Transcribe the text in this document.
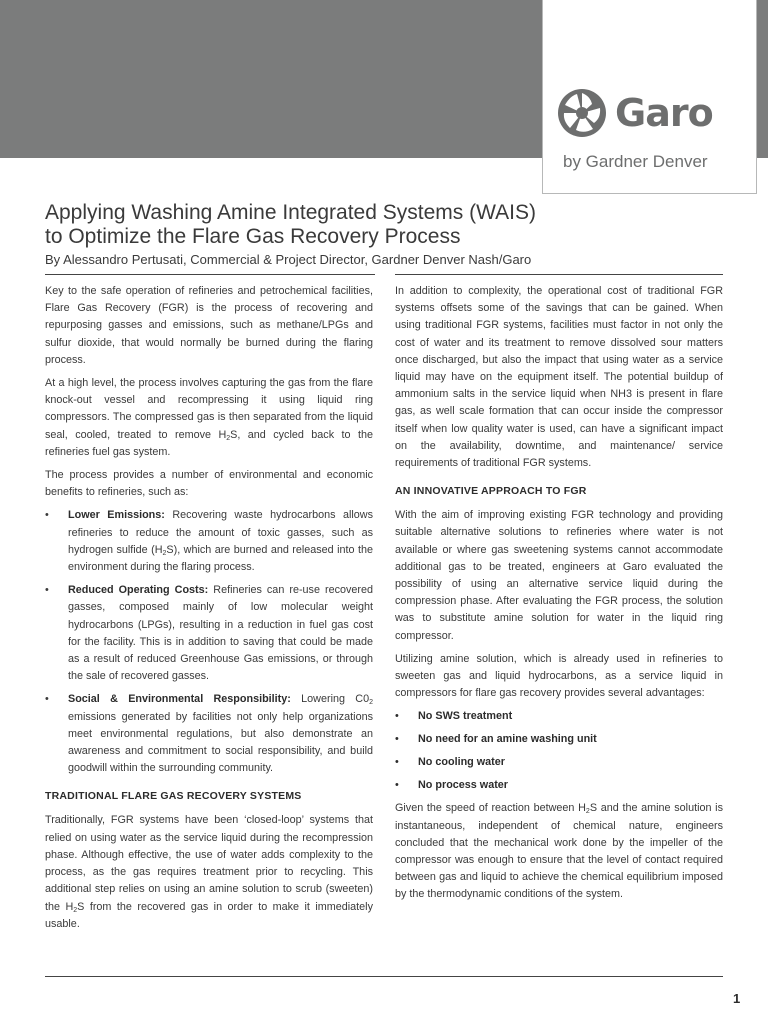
Garo
by Gardner Denver
Applying Washing Amine Integrated Systems (WAIS)
to Optimize the Flare Gas Recovery Process
By Alessandro Pertusati, Commercial & Project Director, Gardner Denver Nash/Garo

Key to the safe operation of refineries and petrochemical facilities, Flare Gas Recovery (FGR) is the process of recovering and repurposing gasses and emissions, such as methane/LPGs and sulfur dioxide, that would normally be burned during the flaring process.

At a high level, the process involves capturing the gas from the flare knock-out vessel and recompressing it using liquid ring compressors. The compressed gas is then separated from the liquid seal, cooled, treated to remove $H_2S$, and cycled back to the refineries fuel gas system.

The process provides a number of environmental and economic benefits to refineries, such as:

• Lower Emissions: Recovering waste hydrocarbons allows refineries to reduce the amount of toxic gasses, such as hydrogen sulfide $(H_2S)$, which are burned and released into the environment during the flaring process.
• Reduced Operating Costs: Refineries can re-use recovered gasses, composed mainly of low molecular weight hydrocarbons (LPGs), resulting in a reduction in fuel gas cost for the facility. This is in addition to saving that could be made as a result of reduced Greenhouse Gas emissions, or through the sale of recovered gasses.
• Social & Environmental Responsibility: Lowering $C0_2$ emissions generated by facilities not only help organizations meet environmental regulations, but also demonstrate an awareness and commitment to social responsibility, and build goodwill within the surrounding community.
TRADITIONAL FLARE GAS RECOVERY SYSTEMS

Traditionally, FGR systems have been ‘closed-loop’ systems that relied on using water as the service liquid during the recompression phase. Although effective, the use of water adds complexity to the process, as the gas requires treatment prior to recycling. This additional step relies on using an amine solution to scrub (sweeten) the $H_2S$ from the recovered gas in order to make it immediately usable.

In addition to complexity, the operational cost of traditional FGR systems offsets some of the savings that can be gained. When using traditional FGR systems, facilities must factor in not only the cost of water and its treatment to remove dissolved sour matters once discharged, but also the impact that using water as a service liquid may have on the equipment itself. The potential buildup of ammonium salts in the service liquid when NH3 is present in flare gas, as well scale formation that can occur inside the compressor itself when low quality water is used, can have a significant impact on the availability, downtime, and maintenance/ service requirements of traditional FGR systems.

AN INNOVATIVE APPROACH TO FGR

With the aim of improving existing FGR technology and providing suitable alternative solutions to refineries where water is not available or where gas sweetening systems cannot accommodate additional gas to be treated, engineers at Garo evaluated the possibility of using an alternative service liquid during the compression phase. After evaluating the FGR process, the solution was to substitute amine solution for water in the liquid ring compressor.

Utilizing amine solution, which is already used in refineries to sweeten gas and liquid hydrocarbons, as a service liquid in compressors for flare gas recovery provides several advantages:

• No SWS treatment
• No need for an amine washing unit
• No cooling water
• No process water

Given the speed of reaction between $H_2S$ and the amine solution is instantaneous, independent of chemical nature, engineers concluded that the mechanical work done by the impeller of the compressor was enough to ensure that the level of contact required between gas and liquid to achieve the chemical equilibrium imposed by the thermodynamic conditions of the system.

1
